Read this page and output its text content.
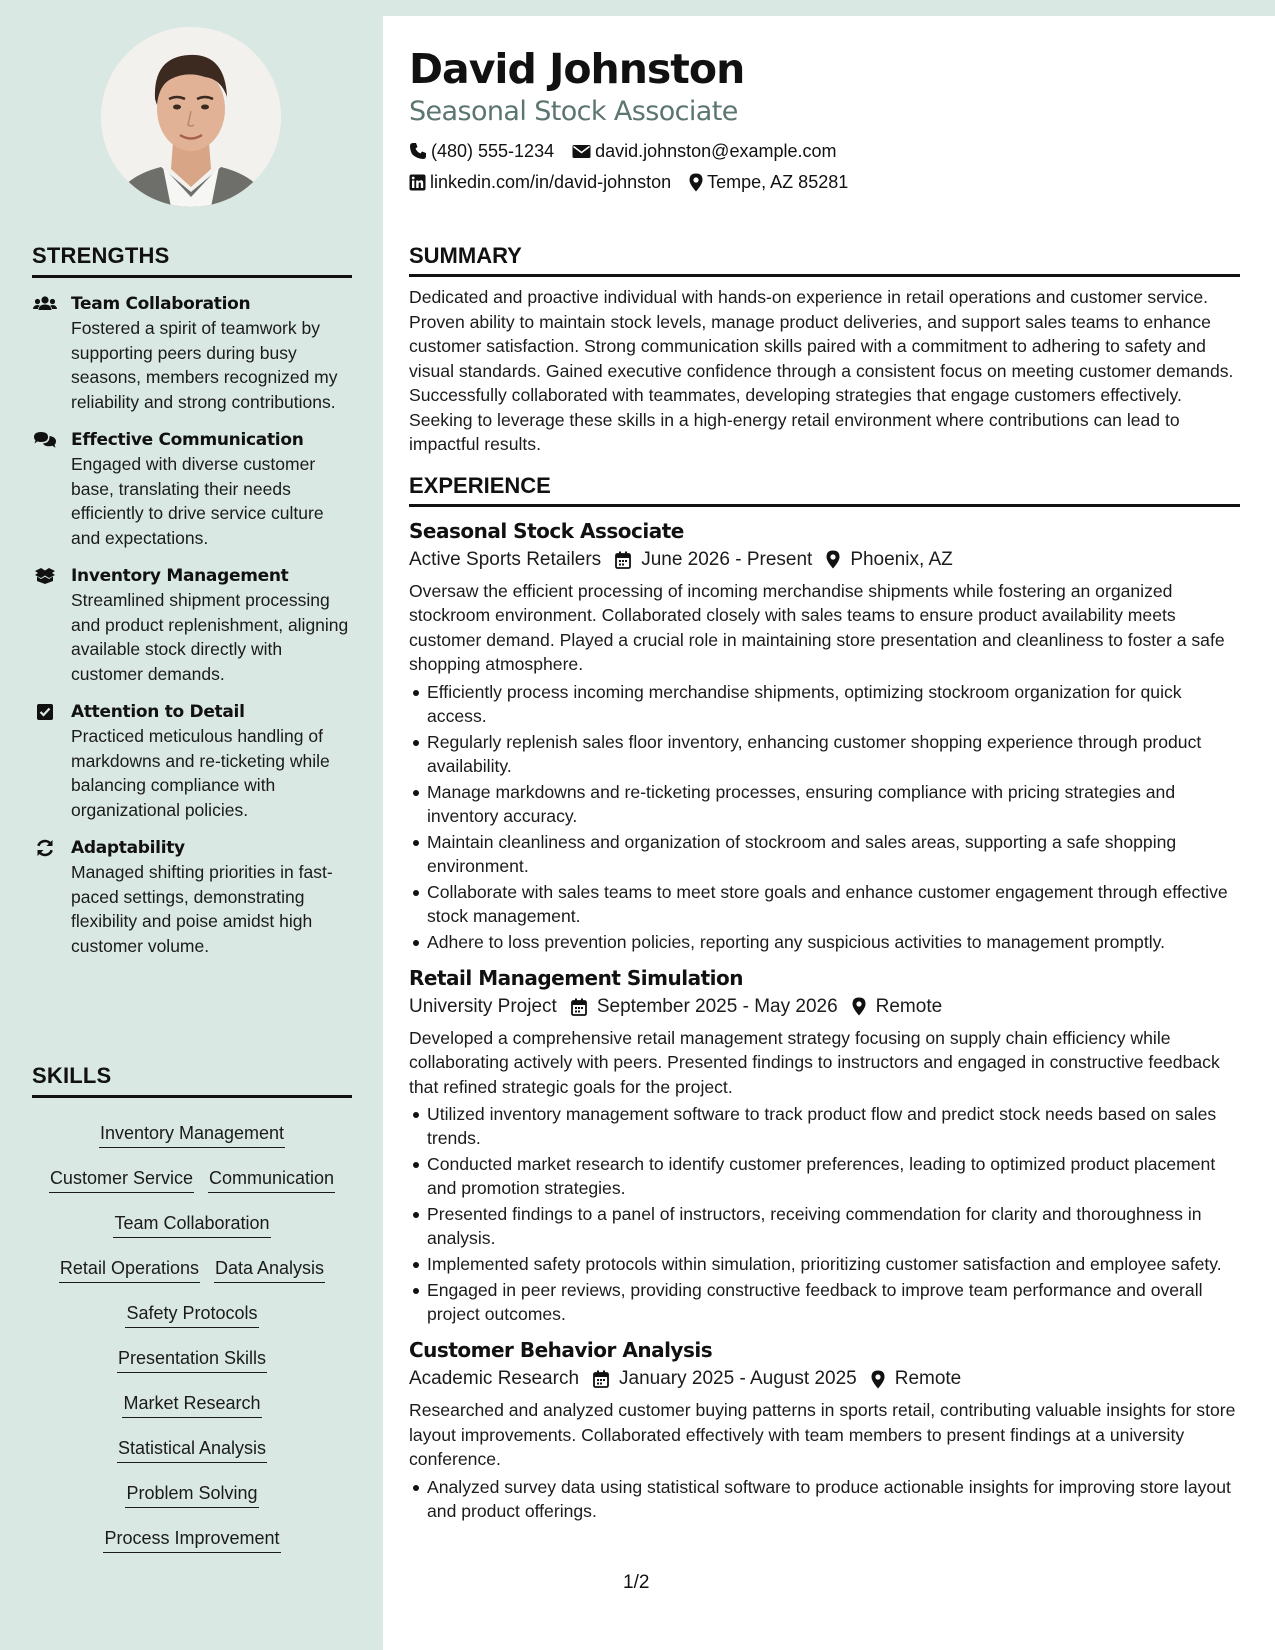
STRENGTHS
Team Collaboration
Fostered a spirit of teamwork by supporting peers during busy seasons, members recognized my reliability and strong contributions.
Effective Communication
Engaged with diverse customer base, translating their needs efficiently to drive service culture and expectations.
Inventory Management
Streamlined shipment processing and product replenishment, aligning available stock directly with customer demands.
Attention to Detail
Practiced meticulous handling of markdowns and re-ticketing while balancing compliance with organizational policies.
Adaptability
Managed shifting priorities in fast-paced settings, demonstrating flexibility and poise amidst high customer volume.
SKILLS
Inventory Management
Customer Service Communication
Team Collaboration
Retail Operations Data Analysis
Safety Protocols
Presentation Skills
Market Research
Statistical Analysis
Problem Solving
Process Improvement
David Johnston
Seasonal Stock Associate
(480) 555-1234 david.johnston@example.com
linkedin.com/in/david-johnston Tempe, AZ 85281
SUMMARY
Dedicated and proactive individual with hands-on experience in retail operations and customer service. Proven ability to maintain stock levels, manage product deliveries, and support sales teams to enhance customer satisfaction. Strong communication skills paired with a commitment to adhering to safety and visual standards. Gained executive confidence through a consistent focus on meeting customer demands. Successfully collaborated with teammates, developing strategies that engage customers effectively. Seeking to leverage these skills in a high-energy retail environment where contributions can lead to impactful results.
EXPERIENCE
Seasonal Stock Associate
Active Sports Retailers June 2026 - Present Phoenix, AZ
Oversaw the efficient processing of incoming merchandise shipments while fostering an organized stockroom environment. Collaborated closely with sales teams to ensure product availability meets customer demand. Played a crucial role in maintaining store presentation and cleanliness to foster a safe shopping atmosphere.
Efficiently process incoming merchandise shipments, optimizing stockroom organization for quick access.
Regularly replenish sales floor inventory, enhancing customer shopping experience through product availability.
Manage markdowns and re-ticketing processes, ensuring compliance with pricing strategies and inventory accuracy.
Maintain cleanliness and organization of stockroom and sales areas, supporting a safe shopping environment.
Collaborate with sales teams to meet store goals and enhance customer engagement through effective stock management.
Adhere to loss prevention policies, reporting any suspicious activities to management promptly.
Retail Management Simulation
University Project September 2025 - May 2026 Remote
Developed a comprehensive retail management strategy focusing on supply chain efficiency while collaborating actively with peers. Presented findings to instructors and engaged in constructive feedback that refined strategic goals for the project.
Utilized inventory management software to track product flow and predict stock needs based on sales trends.
Conducted market research to identify customer preferences, leading to optimized product placement and promotion strategies.
Presented findings to a panel of instructors, receiving commendation for clarity and thoroughness in analysis.
Implemented safety protocols within simulation, prioritizing customer satisfaction and employee safety.
Engaged in peer reviews, providing constructive feedback to improve team performance and overall project outcomes.
Customer Behavior Analysis
Academic Research January 2025 - August 2025 Remote
Researched and analyzed customer buying patterns in sports retail, contributing valuable insights for store layout improvements. Collaborated effectively with team members to present findings at a university conference.
Analyzed survey data using statistical software to produce actionable insights for improving store layout and product offerings.
1/2
